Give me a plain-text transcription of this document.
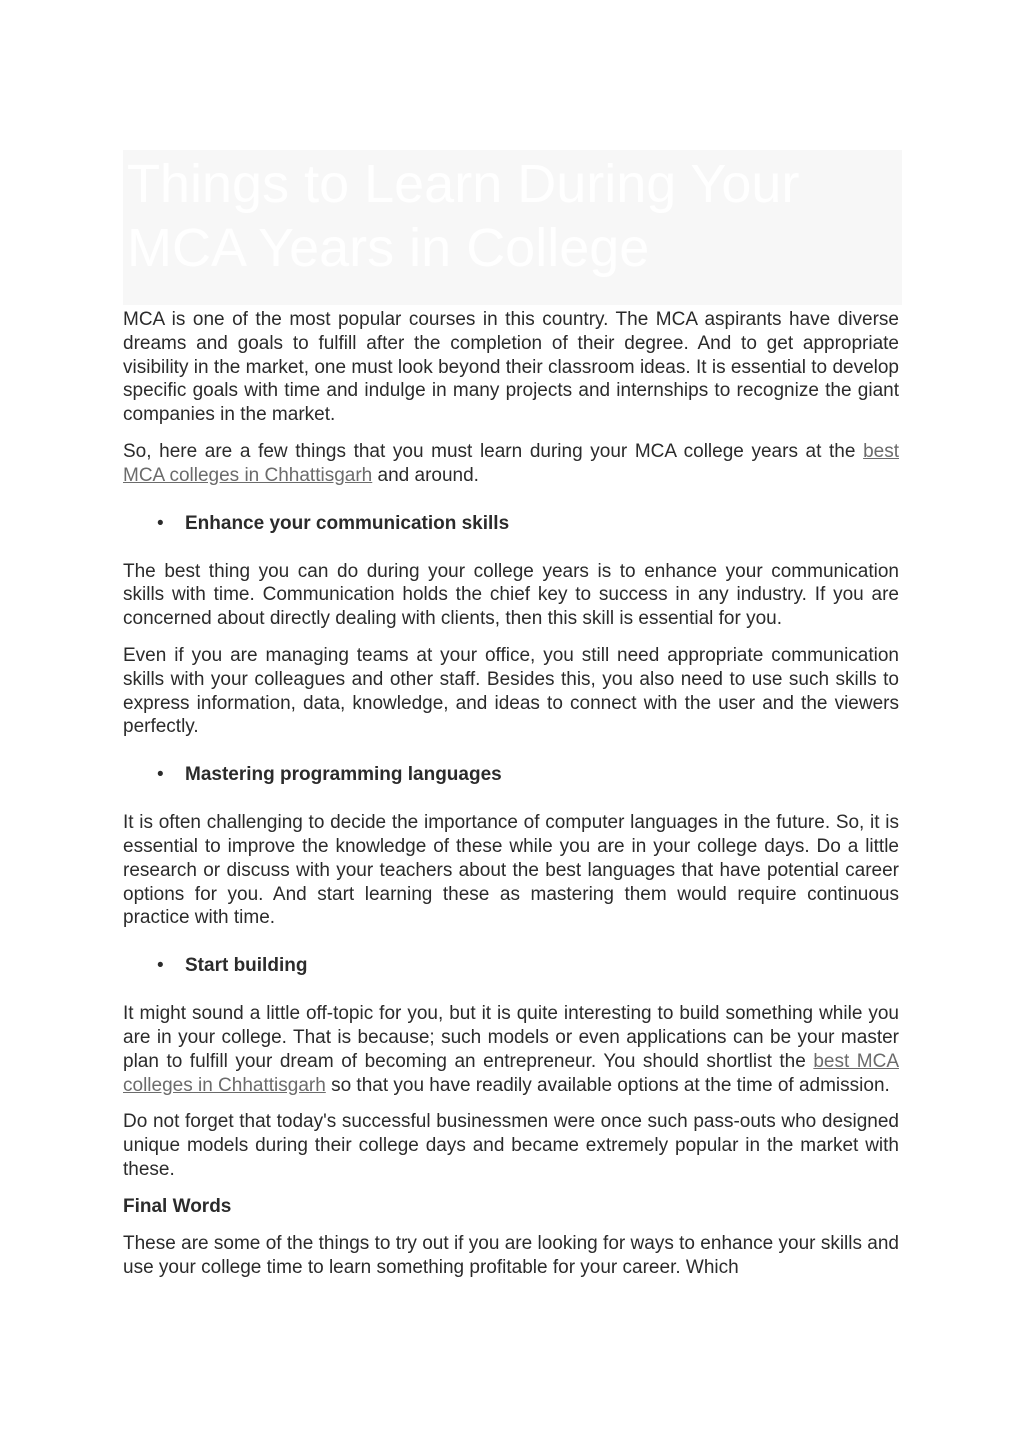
Things to Learn During Your MCA Years in College

MCA is one of the most popular courses in this country. The MCA aspirants have diverse dreams and goals to fulfill after the completion of their degree. And to get appropriate visibility in the market, one must look beyond their classroom ideas. It is essential to develop specific goals with time and indulge in many projects and internships to recognize the giant companies in the market.

So, here are a few things that you must learn during your MCA college years at the best MCA colleges in Chhattisgarh and around.

• Enhance your communication skills

The best thing you can do during your college years is to enhance your communication skills with time. Communication holds the chief key to success in any industry. If you are concerned about directly dealing with clients, then this skill is essential for you.

Even if you are managing teams at your office, you still need appropriate communication skills with your colleagues and other staff. Besides this, you also need to use such skills to express information, data, knowledge, and ideas to connect with the user and the viewers perfectly.

• Mastering programming languages

It is often challenging to decide the importance of computer languages in the future. So, it is essential to improve the knowledge of these while you are in your college days. Do a little research or discuss with your teachers about the best languages that have potential career options for you. And start learning these as mastering them would require continuous practice with time.

• Start building

It might sound a little off-topic for you, but it is quite interesting to build something while you are in your college. That is because; such models or even applications can be your master plan to fulfill your dream of becoming an entrepreneur. You should shortlist the best MCA colleges in Chhattisgarh so that you have readily available options at the time of admission.

Do not forget that today's successful businessmen were once such pass-outs who designed unique models during their college days and became extremely popular in the market with these.

Final Words

These are some of the things to try out if you are looking for ways to enhance your skills and use your college time to learn something profitable for your career. Which
